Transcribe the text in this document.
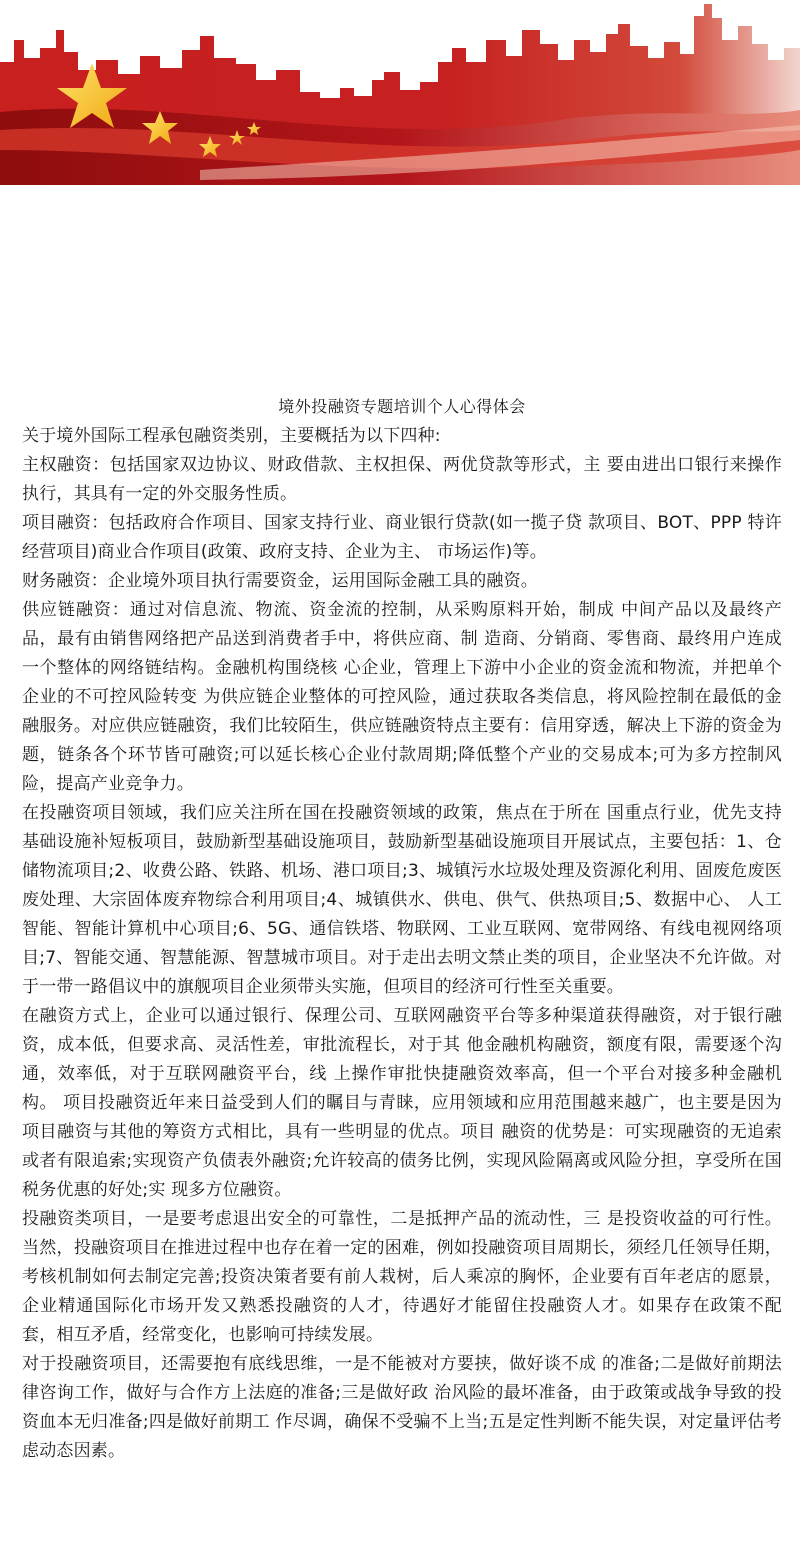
境外投融资专题培训个人心得体会

关于境外国际工程承包融资类别，主要概括为以下四种:

主权融资：包括国家双边协议、财政借款、主权担保、两优贷款等形式，主 要由进出口银行来操作执行，其具有一定的外交服务性质。

项目融资：包括政府合作项目、国家支持行业、商业银行贷款(如一揽子贷 款项目、BOT、PPP 特许经营项目)商业合作项目(政策、政府支持、企业为主、 市场运作)等。

财务融资：企业境外项目执行需要资金，运用国际金融工具的融资。

供应链融资：通过对信息流、物流、资金流的控制，从采购原料开始，制成 中间产品以及最终产品，最有由销售网络把产品送到消费者手中，将供应商、制 造商、分销商、零售商、最终用户连成一个整体的网络链结构。金融机构围绕核 心企业，管理上下游中小企业的资金流和物流，并把单个企业的不可控风险转变 为供应链企业整体的可控风险，通过获取各类信息，将风险控制在最低的金融服务。对应供应链融资，我们比较陌生，供应链融资特点主要有：信用穿透，解决上下游的资金为题，链条各个环节皆可融资;可以延长核心企业付款周期;降低整个产业的交易成本;可为多方控制风险，提高产业竞争力。

在投融资项目领域，我们应关注所在国在投融资领域的政策，焦点在于所在 国重点行业，优先支持基础设施补短板项目，鼓励新型基础设施项目，鼓励新型基础设施项目开展试点，主要包括：1、仓储物流项目;2、收费公路、铁路、机场、港口项目;3、城镇污水垃圾处理及资源化利用、固废危废医废处理、大宗固体废弃物综合利用项目;4、城镇供水、供电、供气、供热项目;5、数据中心、 人工智能、智能计算机中心项目;6、5G、通信铁塔、物联网、工业互联网、宽带网络、有线电视网络项目;7、智能交通、智慧能源、智慧城市项目。对于走出去明文禁止类的项目，企业坚决不允许做。对于一带一路倡议中的旗舰项目企业须带头实施，但项目的经济可行性至关重要。

在融资方式上，企业可以通过银行、保理公司、互联网融资平台等多种渠道获得融资，对于银行融资，成本低，但要求高、灵活性差，审批流程长，对于其 他金融机构融资，额度有限，需要逐个沟通，效率低，对于互联网融资平台，线 上操作审批快捷融资效率高，但一个平台对接多种金融机构。 项目投融资近年来日益受到人们的瞩目与青睐，应用领域和应用范围越来越广，也主要是因为项目融资与其他的筹资方式相比，具有一些明显的优点。项目 融资的优势是：可实现融资的无追索或者有限追索;实现资产负债表外融资;允许较高的债务比例，实现风险隔离或风险分担，享受所在国税务优惠的好处;实 现多方位融资。

投融资类项目，一是要考虑退出安全的可靠性，二是抵押产品的流动性，三 是投资收益的可行性。当然，投融资项目在推进过程中也存在着一定的困难，例如投融资项目周期长，须经几任领导任期，考核机制如何去制定完善;投资决策者要有前人栽树，后人乘凉的胸怀，企业要有百年老店的愿景，企业精通国际化市场开发又熟悉投融资的人才，待遇好才能留住投融资人才。如果存在政策不配 套，相互矛盾，经常变化，也影响可持续发展。

对于投融资项目，还需要抱有底线思维，一是不能被对方要挟，做好谈不成 的准备;二是做好前期法律咨询工作，做好与合作方上法庭的准备;三是做好政 治风险的最坏准备，由于政策或战争导致的投资血本无归准备;四是做好前期工 作尽调，确保不受骗不上当;五是定性判断不能失误，对定量评估考虑动态因素。
